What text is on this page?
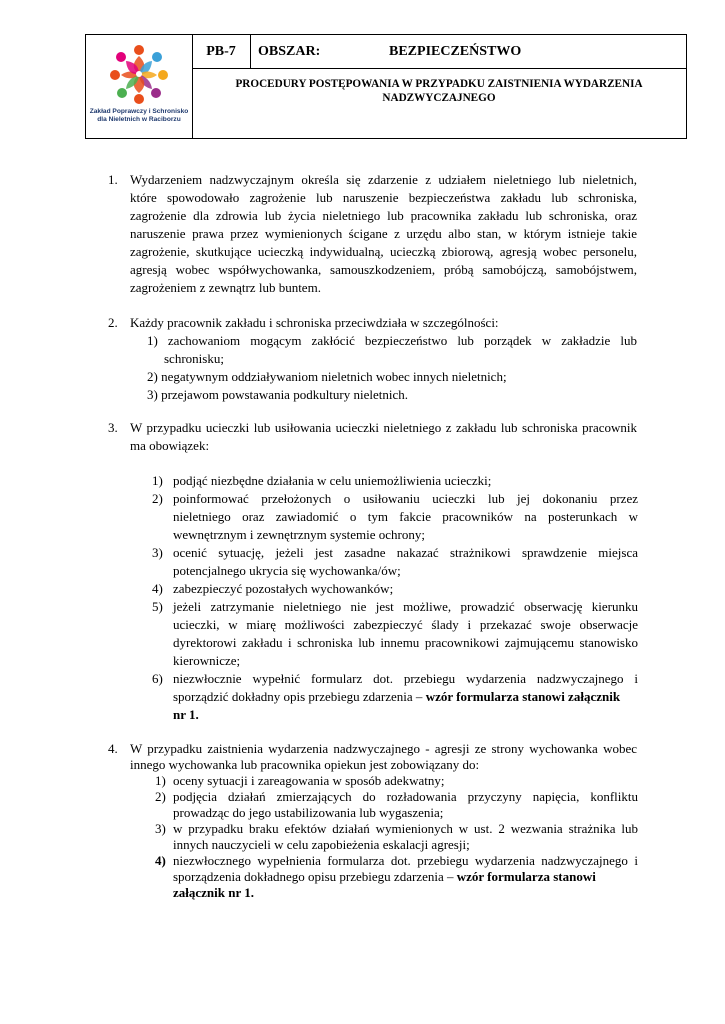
Zakład Poprawczy i Schronisko
dla Nieletnich w Raciborzu
PB-7	OBSZAR:	BEZPIECZEŃSTWO
PROCEDURY POSTĘPOWANIA W PRZYPADKU ZAISTNIENIA WYDARZENIA
NADZWYCZAJNEGO
1. Wydarzeniem nadzwyczajnym określa się zdarzenie z udziałem nieletniego lub nieletnich,
które spowodowało zagrożenie lub naruszenie bezpieczeństwa zakładu lub schroniska,
zagrożenie dla zdrowia lub życia nieletniego lub pracownika zakładu lub schroniska, oraz
naruszenie prawa przez wymienionych ścigane z urzędu albo stan, w którym istnieje takie
zagrożenie, skutkujące ucieczką indywidualną, ucieczką zbiorową, agresją wobec personelu,
agresją wobec współwychowanka, samouszkodzeniem, próbą samobójczą, samobójstwem,
zagrożeniem z zewnątrz lub buntem.
2. Każdy pracownik zakładu i schroniska przeciwdziała w szczególności:
1) zachowaniom mogącym zakłócić bezpieczeństwo lub porządek w zakładzie lub
schronisku;
2) negatywnym oddziaływaniom nieletnich wobec innych nieletnich;
3) przejawom powstawania podkultury nieletnich.
3. W przypadku ucieczki lub usiłowania ucieczki nieletniego z zakładu lub schroniska pracownik
ma obowiązek:
1) podjąć niezbędne działania w celu uniemożliwienia ucieczki;
2) poinformować przełożonych o usiłowaniu ucieczki lub jej dokonaniu przez
nieletniego oraz zawiadomić o tym fakcie pracowników na posterunkach w
wewnętrznym i zewnętrznym systemie ochrony;
3) ocenić sytuację, jeżeli jest zasadne nakazać strażnikowi sprawdzenie miejsca
potencjalnego ukrycia się wychowanka/ów;
4) zabezpieczyć pozostałych wychowanków;
5) jeżeli zatrzymanie nieletniego nie jest możliwe, prowadzić obserwację kierunku
ucieczki, w miarę możliwości zabezpieczyć ślady i przekazać swoje obserwacje
dyrektorowi zakładu i schroniska lub innemu pracownikowi zajmującemu stanowisko
kierownicze;
6) niezwłocznie wypełnić formularz dot. przebiegu wydarzenia nadzwyczajnego i
sporządzić dokładny opis przebiegu zdarzenia – wzór formularza stanowi załącznik
nr 1.
4. W przypadku zaistnienia wydarzenia nadzwyczajnego - agresji ze strony wychowanka wobec
innego wychowanka lub pracownika opiekun jest zobowiązany do:
1) oceny sytuacji i zareagowania w sposób adekwatny;
2) podjęcia działań zmierzających do rozładowania przyczyny napięcia, konfliktu
prowadząc do jego ustabilizowania lub wygaszenia;
3) w przypadku braku efektów działań wymienionych w ust. 2 wezwania strażnika lub
innych nauczycieli w celu zapobieżenia eskalacji agresji;
4) niezwłocznego wypełnienia formularza dot. przebiegu wydarzenia nadzwyczajnego i
sporządzenia dokładnego opisu przebiegu zdarzenia – wzór formularza stanowi
załącznik nr 1.
